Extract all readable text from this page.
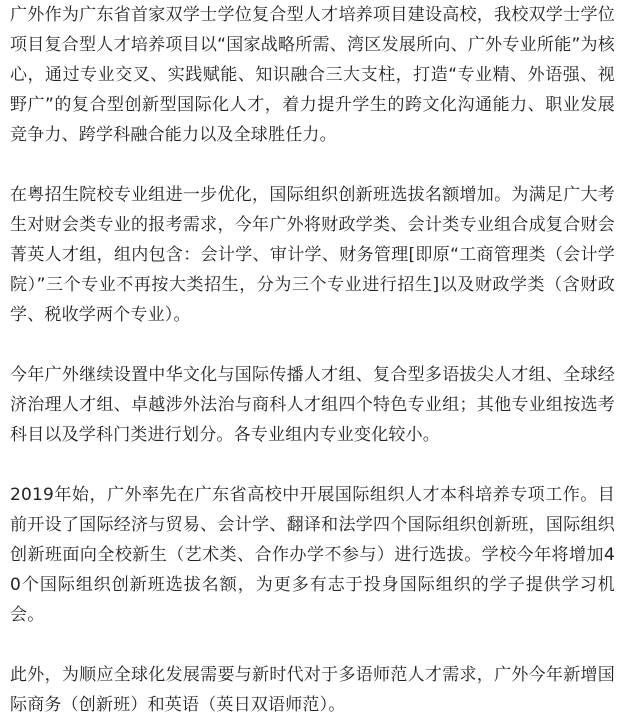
广外作为广东省首家双学士学位复合型人才培养项目建设高校，我校双学士学位项目复合型人才培养项目以“国家战略所需、湾区发展所向、广外专业所能”为核心，通过专业交叉、实践赋能、知识融合三大支柱，打造“专业精、外语强、视野广”的复合型创新型国际化人才，着力提升学生的跨文化沟通能力、职业发展竞争力、跨学科融合能力以及全球胜任力。

在粤招生院校专业组进一步优化，国际组织创新班选拔名额增加。为满足广大考生对财会类专业的报考需求，今年广外将财政学类、会计类专业组合成复合财会菁英人才组，组内包含：会计学、审计学、财务管理[即原“工商管理类（会计学院）”三个专业不再按大类招生，分为三个专业进行招生]以及财政学类（含财政学、税收学两个专业）。

今年广外继续设置中华文化与国际传播人才组、复合型多语拔尖人才组、全球经济治理人才组、卓越涉外法治与商科人才组四个特色专业组；其他专业组按选考科目以及学科门类进行划分。各专业组内专业变化较小。

2019年始，广外率先在广东省高校中开展国际组织人才本科培养专项工作。目前开设了国际经济与贸易、会计学、翻译和法学四个国际组织创新班，国际组织创新班面向全校新生（艺术类、合作办学不参与）进行选拔。学校今年将增加40个国际组织创新班选拔名额，为更多有志于投身国际组织的学子提供学习机会。

此外，为顺应全球化发展需要与新时代对于多语师范人才需求，广外今年新增国际商务（创新班）和英语（英日双语师范）。
